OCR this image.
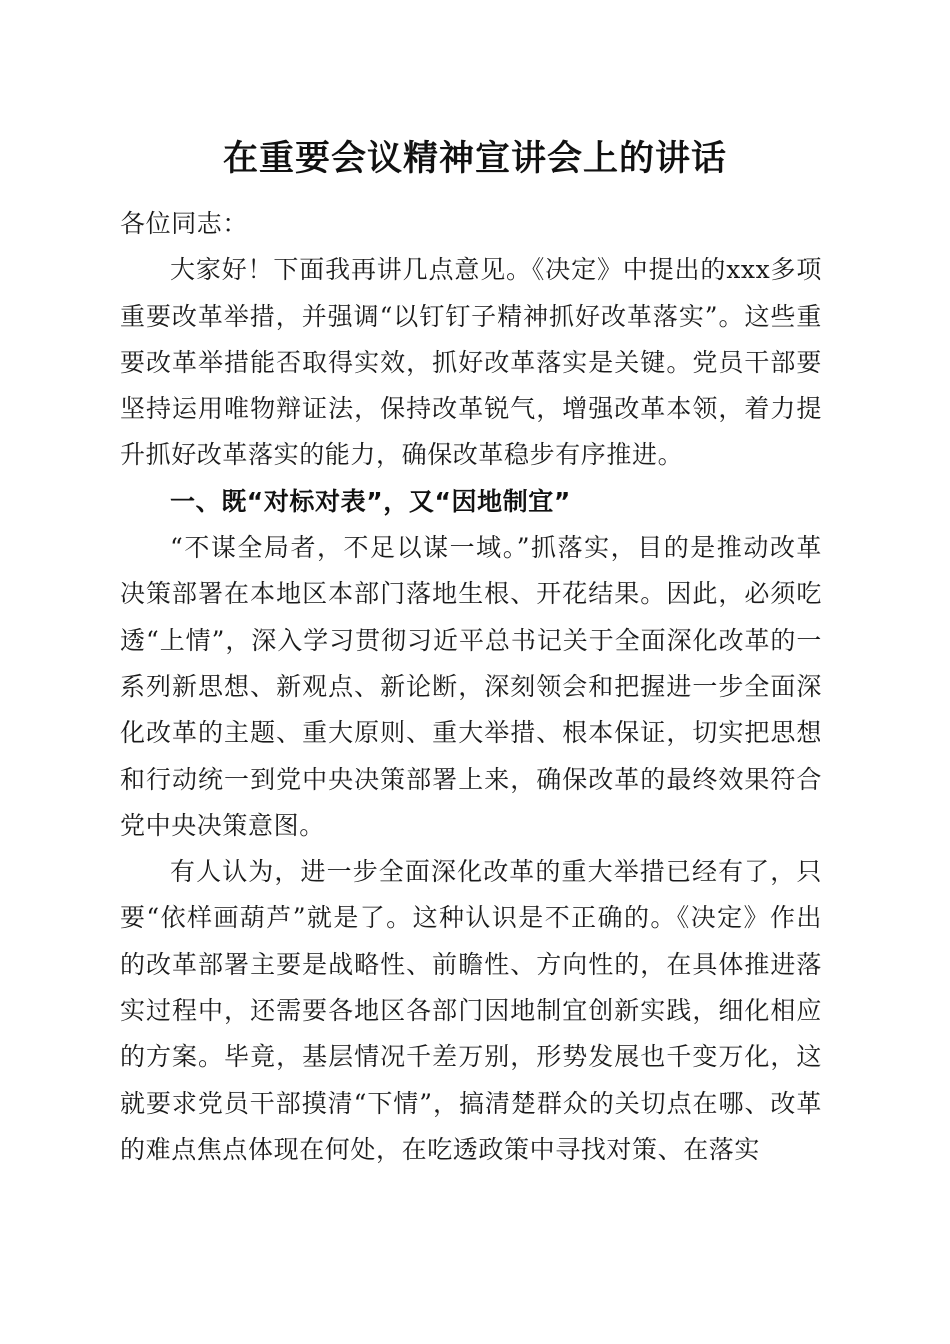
在重要会议精神宣讲会上的讲话

各位同志：

大家好！下面我再讲几点意见。《决定》中提出的xxx多项重要改革举措，并强调“以钉钉子精神抓好改革落实”。这些重要改革举措能否取得实效，抓好改革落实是关键。党员干部要坚持运用唯物辩证法，保持改革锐气，增强改革本领，着力提升抓好改革落实的能力，确保改革稳步有序推进。

一、既“对标对表”，又“因地制宜”

“不谋全局者，不足以谋一域。”抓落实，目的是推动改革决策部署在本地区本部门落地生根、开花结果。因此，必须吃透“上情”，深入学习贯彻习近平总书记关于全面深化改革的一系列新思想、新观点、新论断，深刻领会和把握进一步全面深化改革的主题、重大原则、重大举措、根本保证，切实把思想和行动统一到党中央决策部署上来，确保改革的最终效果符合党中央决策意图。

有人认为，进一步全面深化改革的重大举措已经有了，只要“依样画葫芦”就是了。这种认识是不正确的。《决定》作出的改革部署主要是战略性、前瞻性、方向性的，在具体推进落实过程中，还需要各地区各部门因地制宜创新实践，细化相应的方案。毕竟，基层情况千差万别，形势发展也千变万化，这就要求党员干部摸清“下情”，搞清楚群众的关切点在哪、改革的难点焦点体现在何处，在吃透政策中寻找对策、在落实
